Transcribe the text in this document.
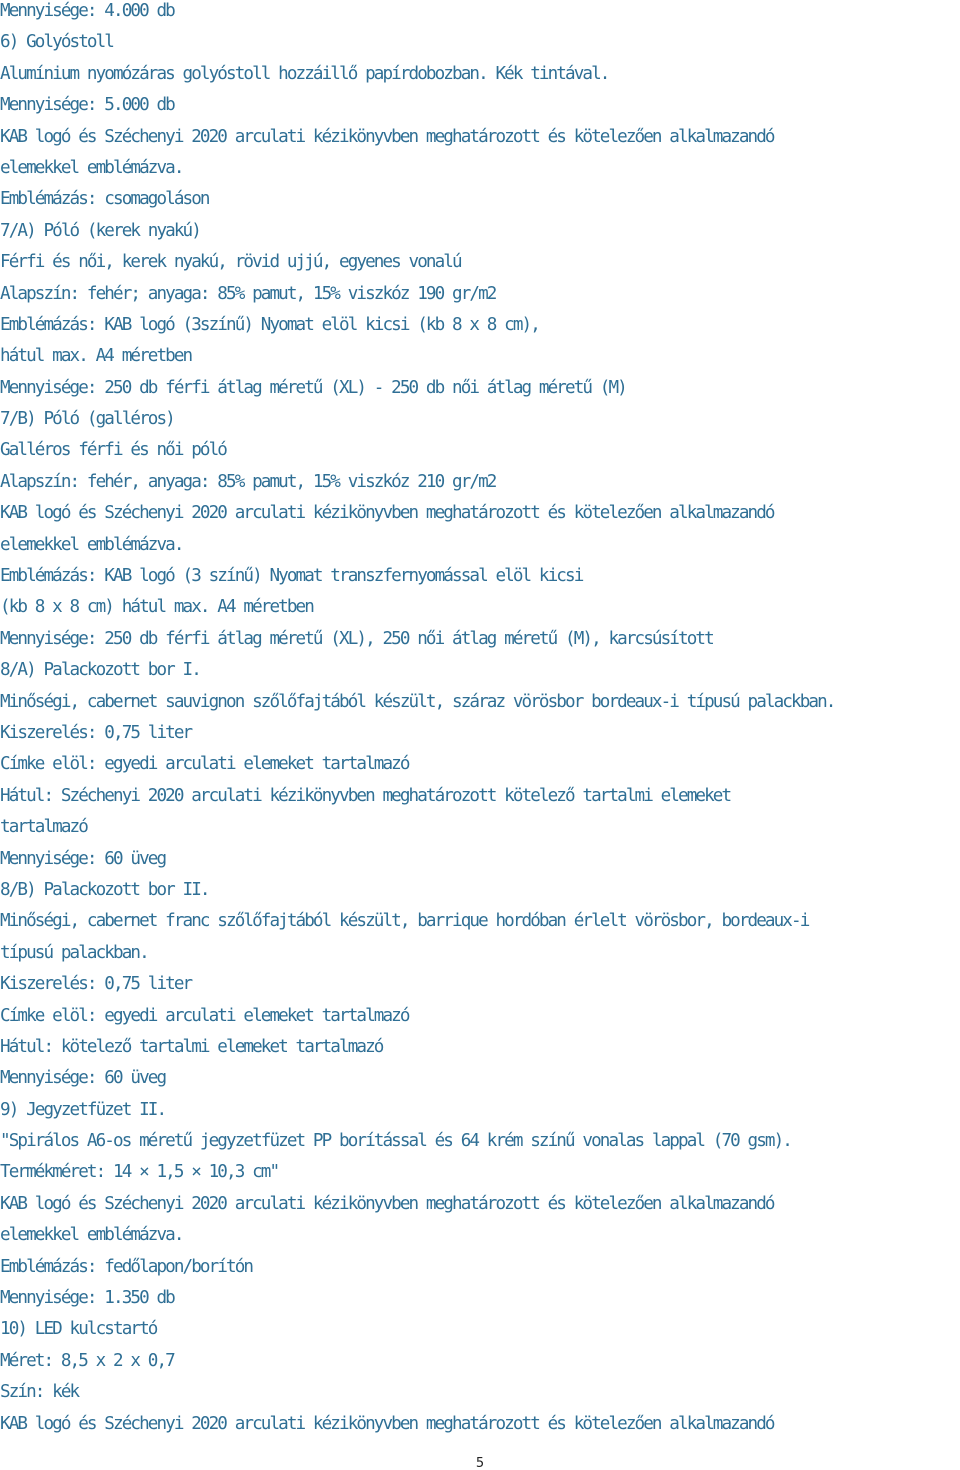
Mennyisége: 4.000 db
6) Golyóstoll
Alumínium nyomózáras golyóstoll hozzáillő papírdobozban. Kék tintával.
Mennyisége: 5.000 db
KAB logó és Széchenyi 2020 arculati kézikönyvben meghatározott és kötelezően alkalmazandó
elemekkel emblémázva.
Emblémázás: csomagoláson
7/A) Póló (kerek nyakú)
Férfi és női, kerek nyakú, rövid ujjú, egyenes vonalú
Alapszín: fehér; anyaga: 85% pamut, 15% viszkóz 190 gr/m2
Emblémázás: KAB logó (3színű) Nyomat elöl kicsi (kb 8 x 8 cm),
hátul max. A4 méretben
Mennyisége: 250 db férfi átlag méretű (XL) - 250 db női átlag méretű (M)
7/B) Póló (galléros)
Galléros férfi és női póló
Alapszín: fehér, anyaga: 85% pamut, 15% viszkóz 210 gr/m2
KAB logó és Széchenyi 2020 arculati kézikönyvben meghatározott és kötelezően alkalmazandó
elemekkel emblémázva.
Emblémázás: KAB logó (3 színű) Nyomat transzfernyomással elöl kicsi
(kb 8 x 8 cm) hátul max. A4 méretben
Mennyisége: 250 db férfi átlag méretű (XL), 250 női átlag méretű (M), karcsúsított
8/A) Palackozott bor I.
Minőségi, cabernet sauvignon szőlőfajtából készült, száraz vörösbor bordeaux-i típusú palackban.
Kiszerelés: 0,75 liter
Címke elöl: egyedi arculati elemeket tartalmazó
Hátul: Széchenyi 2020 arculati kézikönyvben meghatározott kötelező tartalmi elemeket
tartalmazó
Mennyisége: 60 üveg
8/B) Palackozott bor II.
Minőségi, cabernet franc szőlőfajtából készült, barrique hordóban érlelt vörösbor, bordeaux-i
típusú palackban.
Kiszerelés: 0,75 liter
Címke elöl: egyedi arculati elemeket tartalmazó
Hátul: kötelező tartalmi elemeket tartalmazó
Mennyisége: 60 üveg
9) Jegyzetfüzet II.
"Spirálos A6-os méretű jegyzetfüzet PP borítással és 64 krém színű vonalas lappal (70 gsm).
Termékméret: 14 × 1,5 × 10,3 cm"
KAB logó és Széchenyi 2020 arculati kézikönyvben meghatározott és kötelezően alkalmazandó
elemekkel emblémázva.
Emblémázás: fedőlapon/borítón
Mennyisége: 1.350 db
10) LED kulcstartó
Méret: 8,5 x 2 x 0,7
Szín: kék
KAB logó és Széchenyi 2020 arculati kézikönyvben meghatározott és kötelezően alkalmazandó
5
